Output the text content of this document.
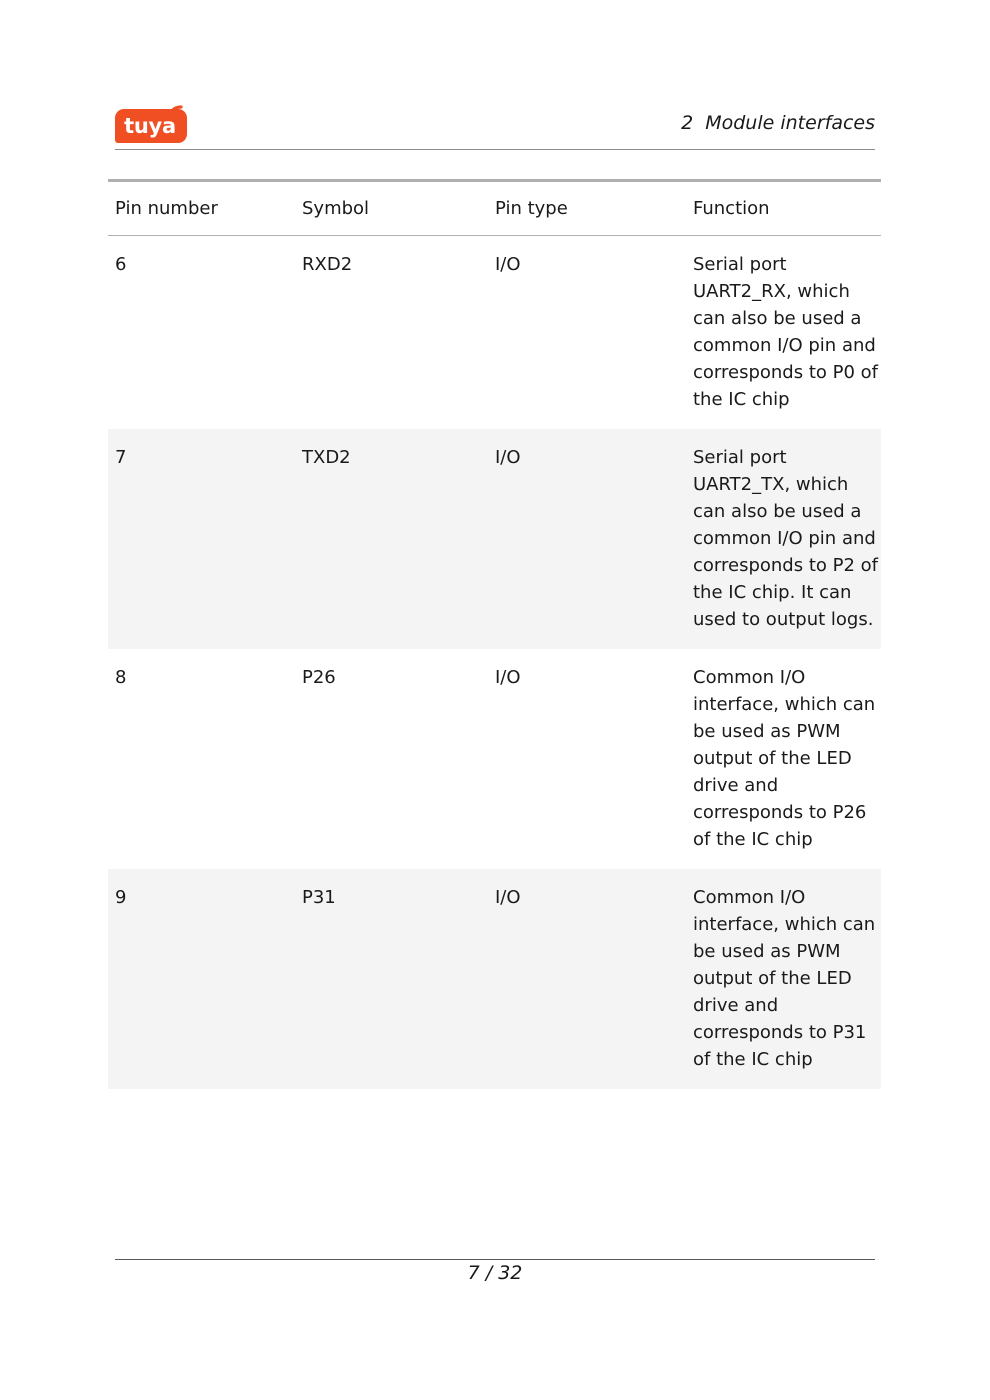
tuya	2  Module interfaces
Pin number	Symbol	Pin type	Function
6	RXD2	I/O	Serial port UART2_RX, which can also be used a common I/O pin and corresponds to P0 of the IC chip

7	TXD2	I/O	Serial port UART2_TX, which can also be used a common I/O pin and corresponds to P2 of the IC chip. It can used to output logs.

8	P26	I/O	Common I/O interface, which can be used as PWM output of the LED drive and corresponds to P26 of the IC chip

9	P31	I/O	Common I/O interface, which can be used as PWM output of the LED drive and corresponds to P31 of the IC chip
7 / 32
